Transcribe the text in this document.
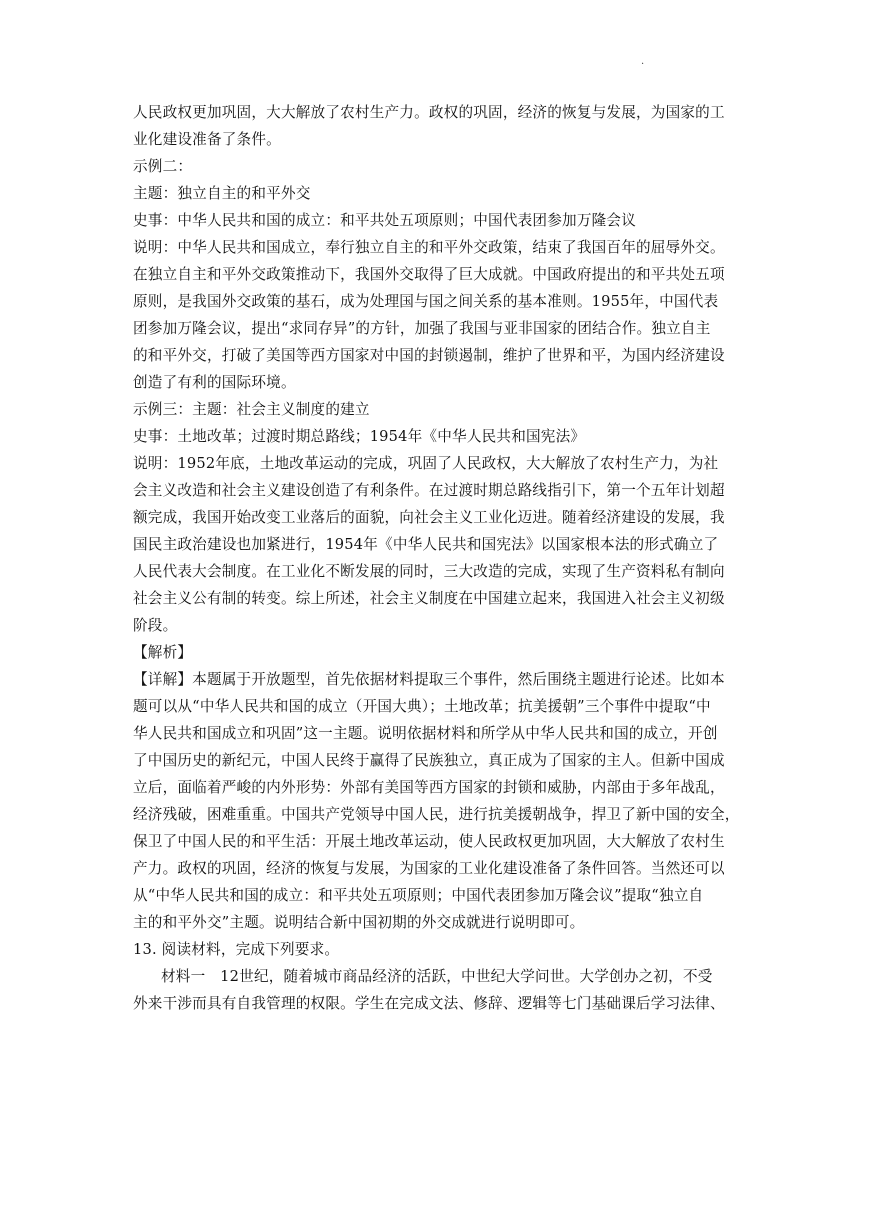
.
人民政权更加巩固，大大解放了农村生产力。政权的巩固，经济的恢复与发展，为国家的工
业化建设准备了条件。
示例二：
主题：独立自主的和平外交
史事：中华人民共和国的成立：和平共处五项原则；中国代表团参加万隆会议
说明：中华人民共和国成立，奉行独立自主的和平外交政策，结束了我国百年的屈辱外交。
在独立自主和平外交政策推动下，我国外交取得了巨大成就。中国政府提出的和平共处五项
原则，是我国外交政策的基石，成为处理国与国之间关系的基本准则。1955年，中国代表
团参加万隆会议，提出“求同存异”的方针，加强了我国与亚非国家的团结合作。独立自主
的和平外交，打破了美国等西方国家对中国的封锁遏制，维护了世界和平，为国内经济建设
创造了有利的国际环境。
示例三：主题：社会主义制度的建立
史事：土地改革；过渡时期总路线；1954年《中华人民共和国宪法》
说明：1952年底，土地改革运动的完成，巩固了人民政权，大大解放了农村生产力，为社
会主义改造和社会主义建设创造了有利条件。在过渡时期总路线指引下，第一个五年计划超
额完成，我国开始改变工业落后的面貌，向社会主义工业化迈进。随着经济建设的发展，我
国民主政治建设也加紧进行，1954年《中华人民共和国宪法》以国家根本法的形式确立了
人民代表大会制度。在工业化不断发展的同时，三大改造的完成，实现了生产资料私有制向
社会主义公有制的转变。综上所述，社会主义制度在中国建立起来，我国进入社会主义初级
阶段。
【解析】
【详解】本题属于开放题型，首先依据材料提取三个事件，然后围绕主题进行论述。比如本
题可以从“中华人民共和国的成立（开国大典）；土地改革；抗美援朝”三个事件中提取“中
华人民共和国成立和巩固”这一主题。说明依据材料和所学从中华人民共和国的成立，开创
了中国历史的新纪元，中国人民终于赢得了民族独立，真正成为了国家的主人。但新中国成
立后，面临着严峻的内外形势：外部有美国等西方国家的封锁和威胁，内部由于多年战乱，
经济残破，困难重重。中国共产党领导中国人民，进行抗美援朝战争，捍卫了新中国的安全，
保卫了中国人民的和平生活：开展土地改革运动，使人民政权更加巩固，大大解放了农村生
产力。政权的巩固，经济的恢复与发展，为国家的工业化建设准备了条件回答。当然还可以
从“中华人民共和国的成立：和平共处五项原则；中国代表团参加万隆会议”提取“独立自
主的和平外交”主题。说明结合新中国初期的外交成就进行说明即可。
13. 阅读材料，完成下列要求。
材料一　12世纪，随着城市商品经济的活跃，中世纪大学问世。大学创办之初，不受
外来干涉而具有自我管理的权限。学生在完成文法、修辞、逻辑等七门基础课后学习法律、
